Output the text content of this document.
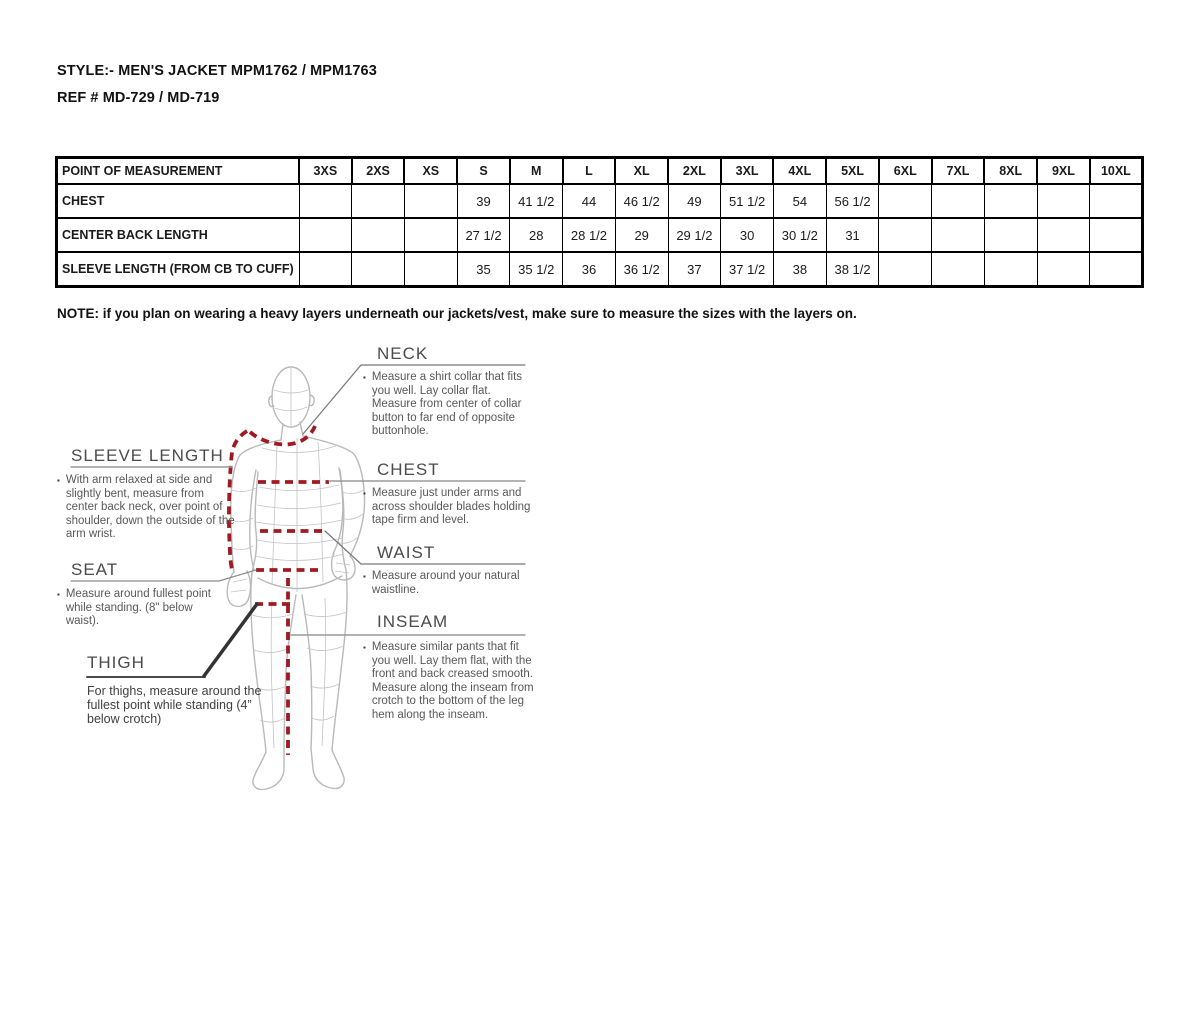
STYLE:- MEN'S JACKET MPM1762 / MPM1763
REF # MD-729 / MD-719
POINT OF MEASUREMENT	3XS	2XS	XS	S	M	L	XL	2XL	3XL	4XL	5XL	6XL	7XL	8XL	9XL	10XL
CHEST				39	41 1/2	44	46 1/2	49	51 1/2	54	56 1/2					
CENTER BACK LENGTH				27 1/2	28	28 1/2	29	29 1/2	30	30 1/2	31					
SLEEVE LENGTH (FROM CB TO CUFF)				35	35 1/2	36	36 1/2	37	37 1/2	38	38 1/2					
NOTE: if you plan on wearing a heavy layers underneath our jackets/vest, make sure to measure the sizes with the layers on.
NECK
▪ Measure a shirt collar that fits you well. Lay collar flat. Measure from center of collar button to far end of opposite buttonhole.
CHEST
▪ Measure just under arms and across shoulder blades holding tape firm and level.
WAIST
▪ Measure around your natural waistline.
INSEAM
▪ Measure similar pants that fit you well. Lay them flat, with the front and back creased smooth. Measure along the inseam from crotch to the bottom of the leg hem along the inseam.
SLEEVE LENGTH
▪ With arm relaxed at side and slightly bent, measure from center back neck, over point of shoulder, down the outside of the arm wrist.
SEAT
▪ Measure around fullest point while standing. (8" below waist).
THIGH
For thighs, measure around the fullest point while standing (4” below crotch)
